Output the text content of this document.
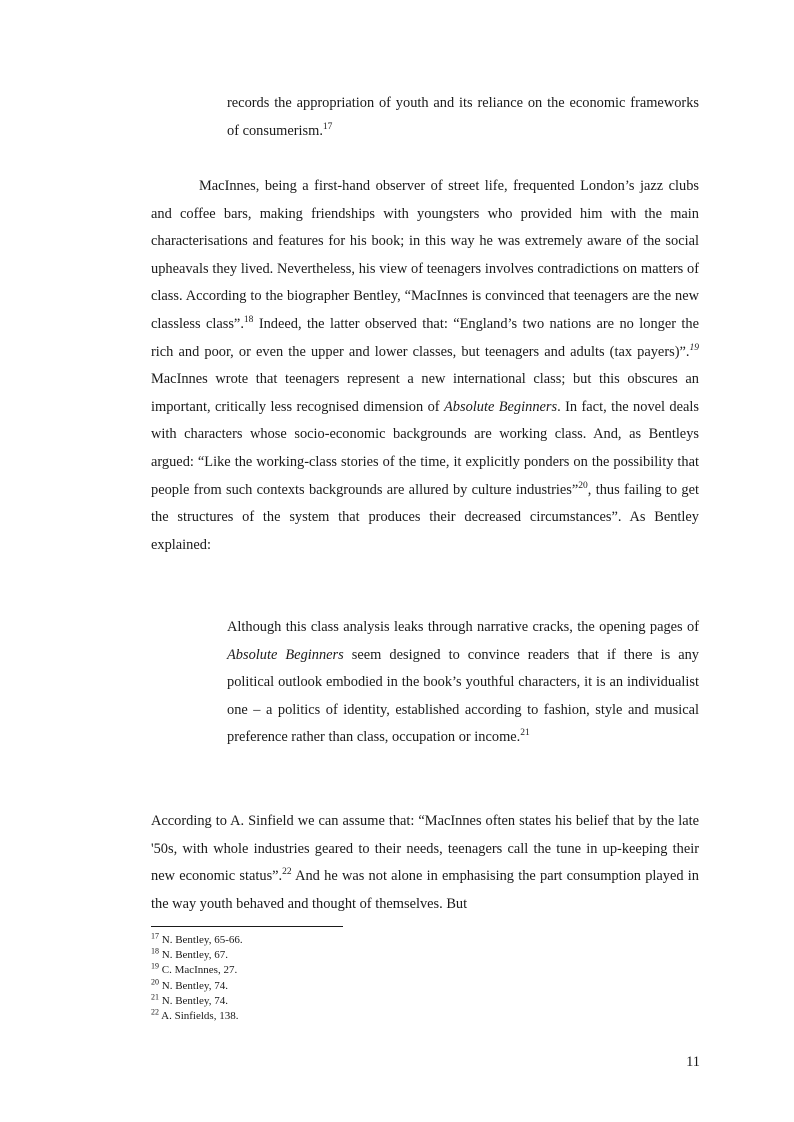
records the appropriation of youth and its reliance on the economic frameworks of consumerism.$^{17}$
MacInnes, being a first-hand observer of street life, frequented London’s jazz clubs and coffee bars, making friendships with youngsters who provided him with the main characterisations and features for his book; in this way he was extremely aware of the social upheavals they lived. Nevertheless, his view of teenagers involves contradictions on matters of class. According to the biographer Bentley, “MacInnes is convinced that teenagers are the new classless class”.$^{18}$ Indeed, the latter observed that: “England’s two nations are no longer the rich and poor, or even the upper and lower classes, but teenagers and adults (tax payers)”.$^{19}$ MacInnes wrote that teenagers represent a new international class; but this obscures an important, critically less recognised dimension of Absolute Beginners. In fact, the novel deals with characters whose socio-economic backgrounds are working class. And, as Bentleys argued: “Like the working-class stories of the time, it explicitly ponders on the possibility that people from such contexts backgrounds are allured by culture industries”$^{20}$, thus failing to get the structures of the system that produces their decreased circumstances”. As Bentley explained:
Although this class analysis leaks through narrative cracks, the opening pages of Absolute Beginners seem designed to convince readers that if there is any political outlook embodied in the book’s youthful characters, it is an individualist one – a politics of identity, established according to fashion, style and musical preference rather than class, occupation or income.$^{21}$
According to A. Sinfield we can assume that: “MacInnes often states his belief that by the late '50s, with whole industries geared to their needs, teenagers call the tune in up-keeping their new economic status”.$^{22}$ And he was not alone in emphasising the part consumption played in the way youth behaved and thought of themselves. But
$^{17}$ N. Bentley, 65-66.
$^{18}$ N. Bentley, 67.
$^{19}$ C. MacInnes, 27.
$^{20}$ N. Bentley, 74.
$^{21}$ N. Bentley, 74.
$^{22}$ A. Sinfields, 138.
11
